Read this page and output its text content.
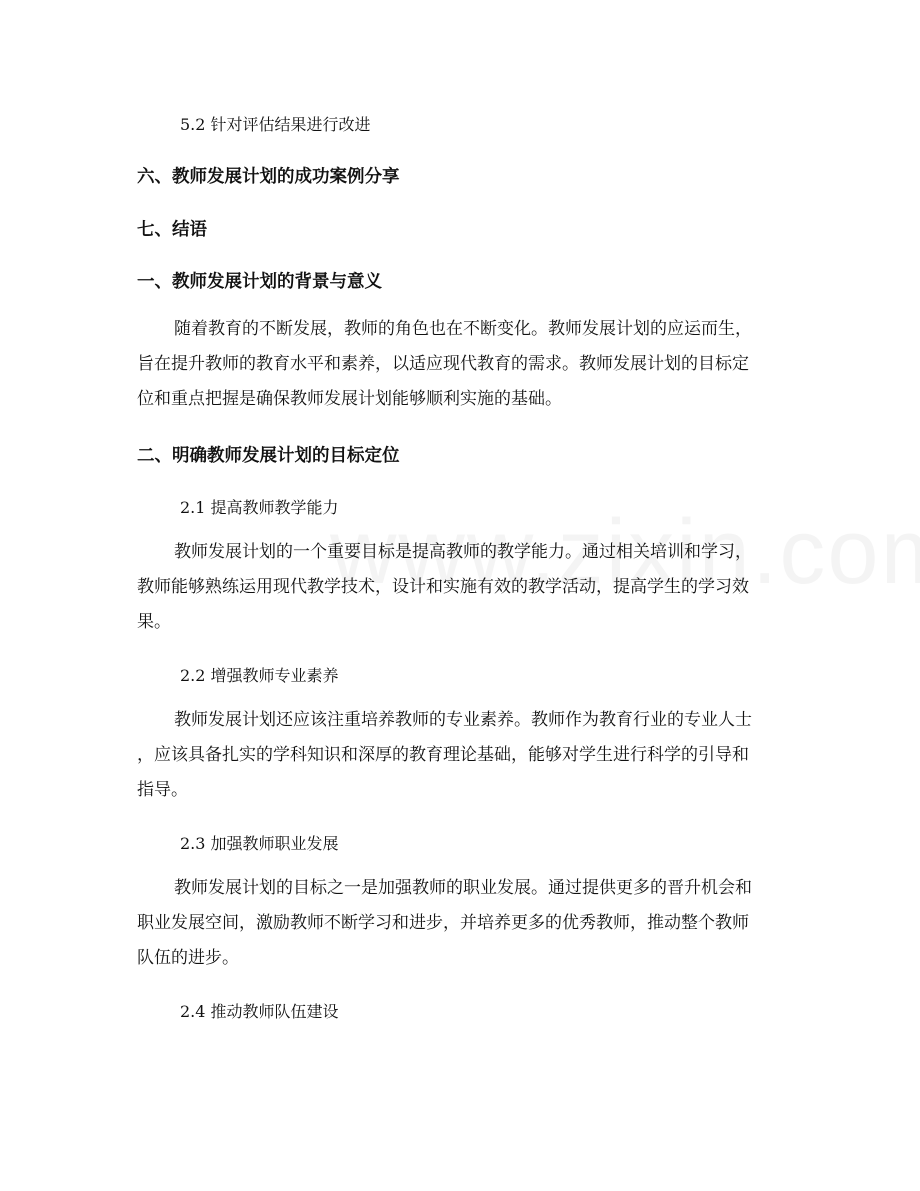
5.2 针对评估结果进行改进
六、教师发展计划的成功案例分享
七、结语
一、教师发展计划的背景与意义
随着教育的不断发展，教师的角色也在不断变化。教师发展计划的应运而生，
旨在提升教师的教育水平和素养，以适应现代教育的需求。教师发展计划的目标定
位和重点把握是确保教师发展计划能够顺利实施的基础。
二、明确教师发展计划的目标定位
2.1 提高教师教学能力
教师发展计划的一个重要目标是提高教师的教学能力。通过相关培训和学习，
教师能够熟练运用现代教学技术，设计和实施有效的教学活动，提高学生的学习效
果。
2.2 增强教师专业素养
教师发展计划还应该注重培养教师的专业素养。教师作为教育行业的专业人士
，应该具备扎实的学科知识和深厚的教育理论基础，能够对学生进行科学的引导和
指导。
2.3 加强教师职业发展
教师发展计划的目标之一是加强教师的职业发展。通过提供更多的晋升机会和
职业发展空间，激励教师不断学习和进步，并培养更多的优秀教师，推动整个教师
队伍的进步。
2.4 推动教师队伍建设
